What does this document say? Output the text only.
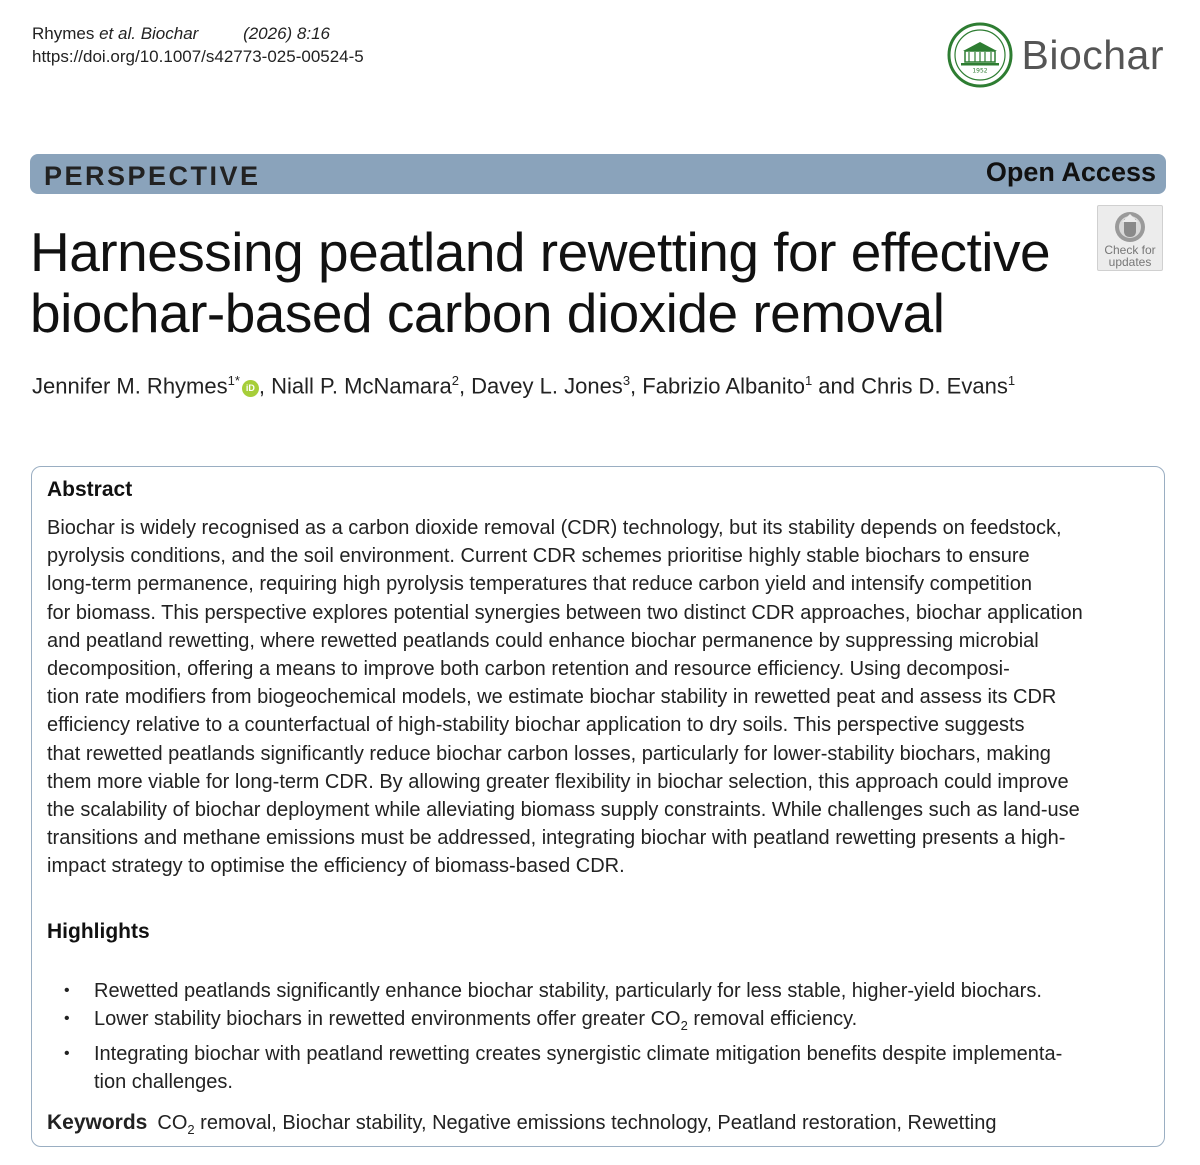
Rhymes et al. Biochar	(2026) 8:16
https://doi.org/10.1007/s42773-025-00524-5
1952 Biochar
PERSPECTIVE	Open Access
Check for
updates
Harnessing peatland rewetting for effective
biochar-based carbon dioxide removal
Jennifer M. Rhymes$^{1*}$iD , Niall P. McNamara$^2$, Davey L. Jones$^3$, Fabrizio Albanito$^1$ and Chris D. Evans$^1$
Abstract

Biochar is widely recognised as a carbon dioxide removal (CDR) technology, but its stability depends on feedstock,
pyrolysis conditions, and the soil environment. Current CDR schemes prioritise highly stable biochars to ensure
long-term permanence, requiring high pyrolysis temperatures that reduce carbon yield and intensify competition
for biomass. This perspective explores potential synergies between two distinct CDR approaches, biochar application
and peatland rewetting, where rewetted peatlands could enhance biochar permanence by suppressing microbial
decomposition, offering a means to improve both carbon retention and resource efficiency. Using decomposi-
tion rate modifiers from biogeochemical models, we estimate biochar stability in rewetted peat and assess its CDR
efficiency relative to a counterfactual of high-stability biochar application to dry soils. This perspective suggests
that rewetted peatlands significantly reduce biochar carbon losses, particularly for lower-stability biochars, making
them more viable for long-term CDR. By allowing greater flexibility in biochar selection, this approach could improve
the scalability of biochar deployment while alleviating biomass supply constraints. While challenges such as land-use
transitions and methane emissions must be addressed, integrating biochar with peatland rewetting presents a high-
impact strategy to optimise the efficiency of biomass-based CDR.

Highlights
• Rewetted peatlands significantly enhance biochar stability, particularly for less stable, higher-yield biochars.
• Lower stability biochars in rewetted environments offer greater $CO_2$ removal efficiency.
• Integrating biochar with peatland rewetting creates synergistic climate mitigation benefits despite implementa-
tion challenges.

Keywords $CO_2$ removal, Biochar stability, Negative emissions technology, Peatland restoration, Rewetting
